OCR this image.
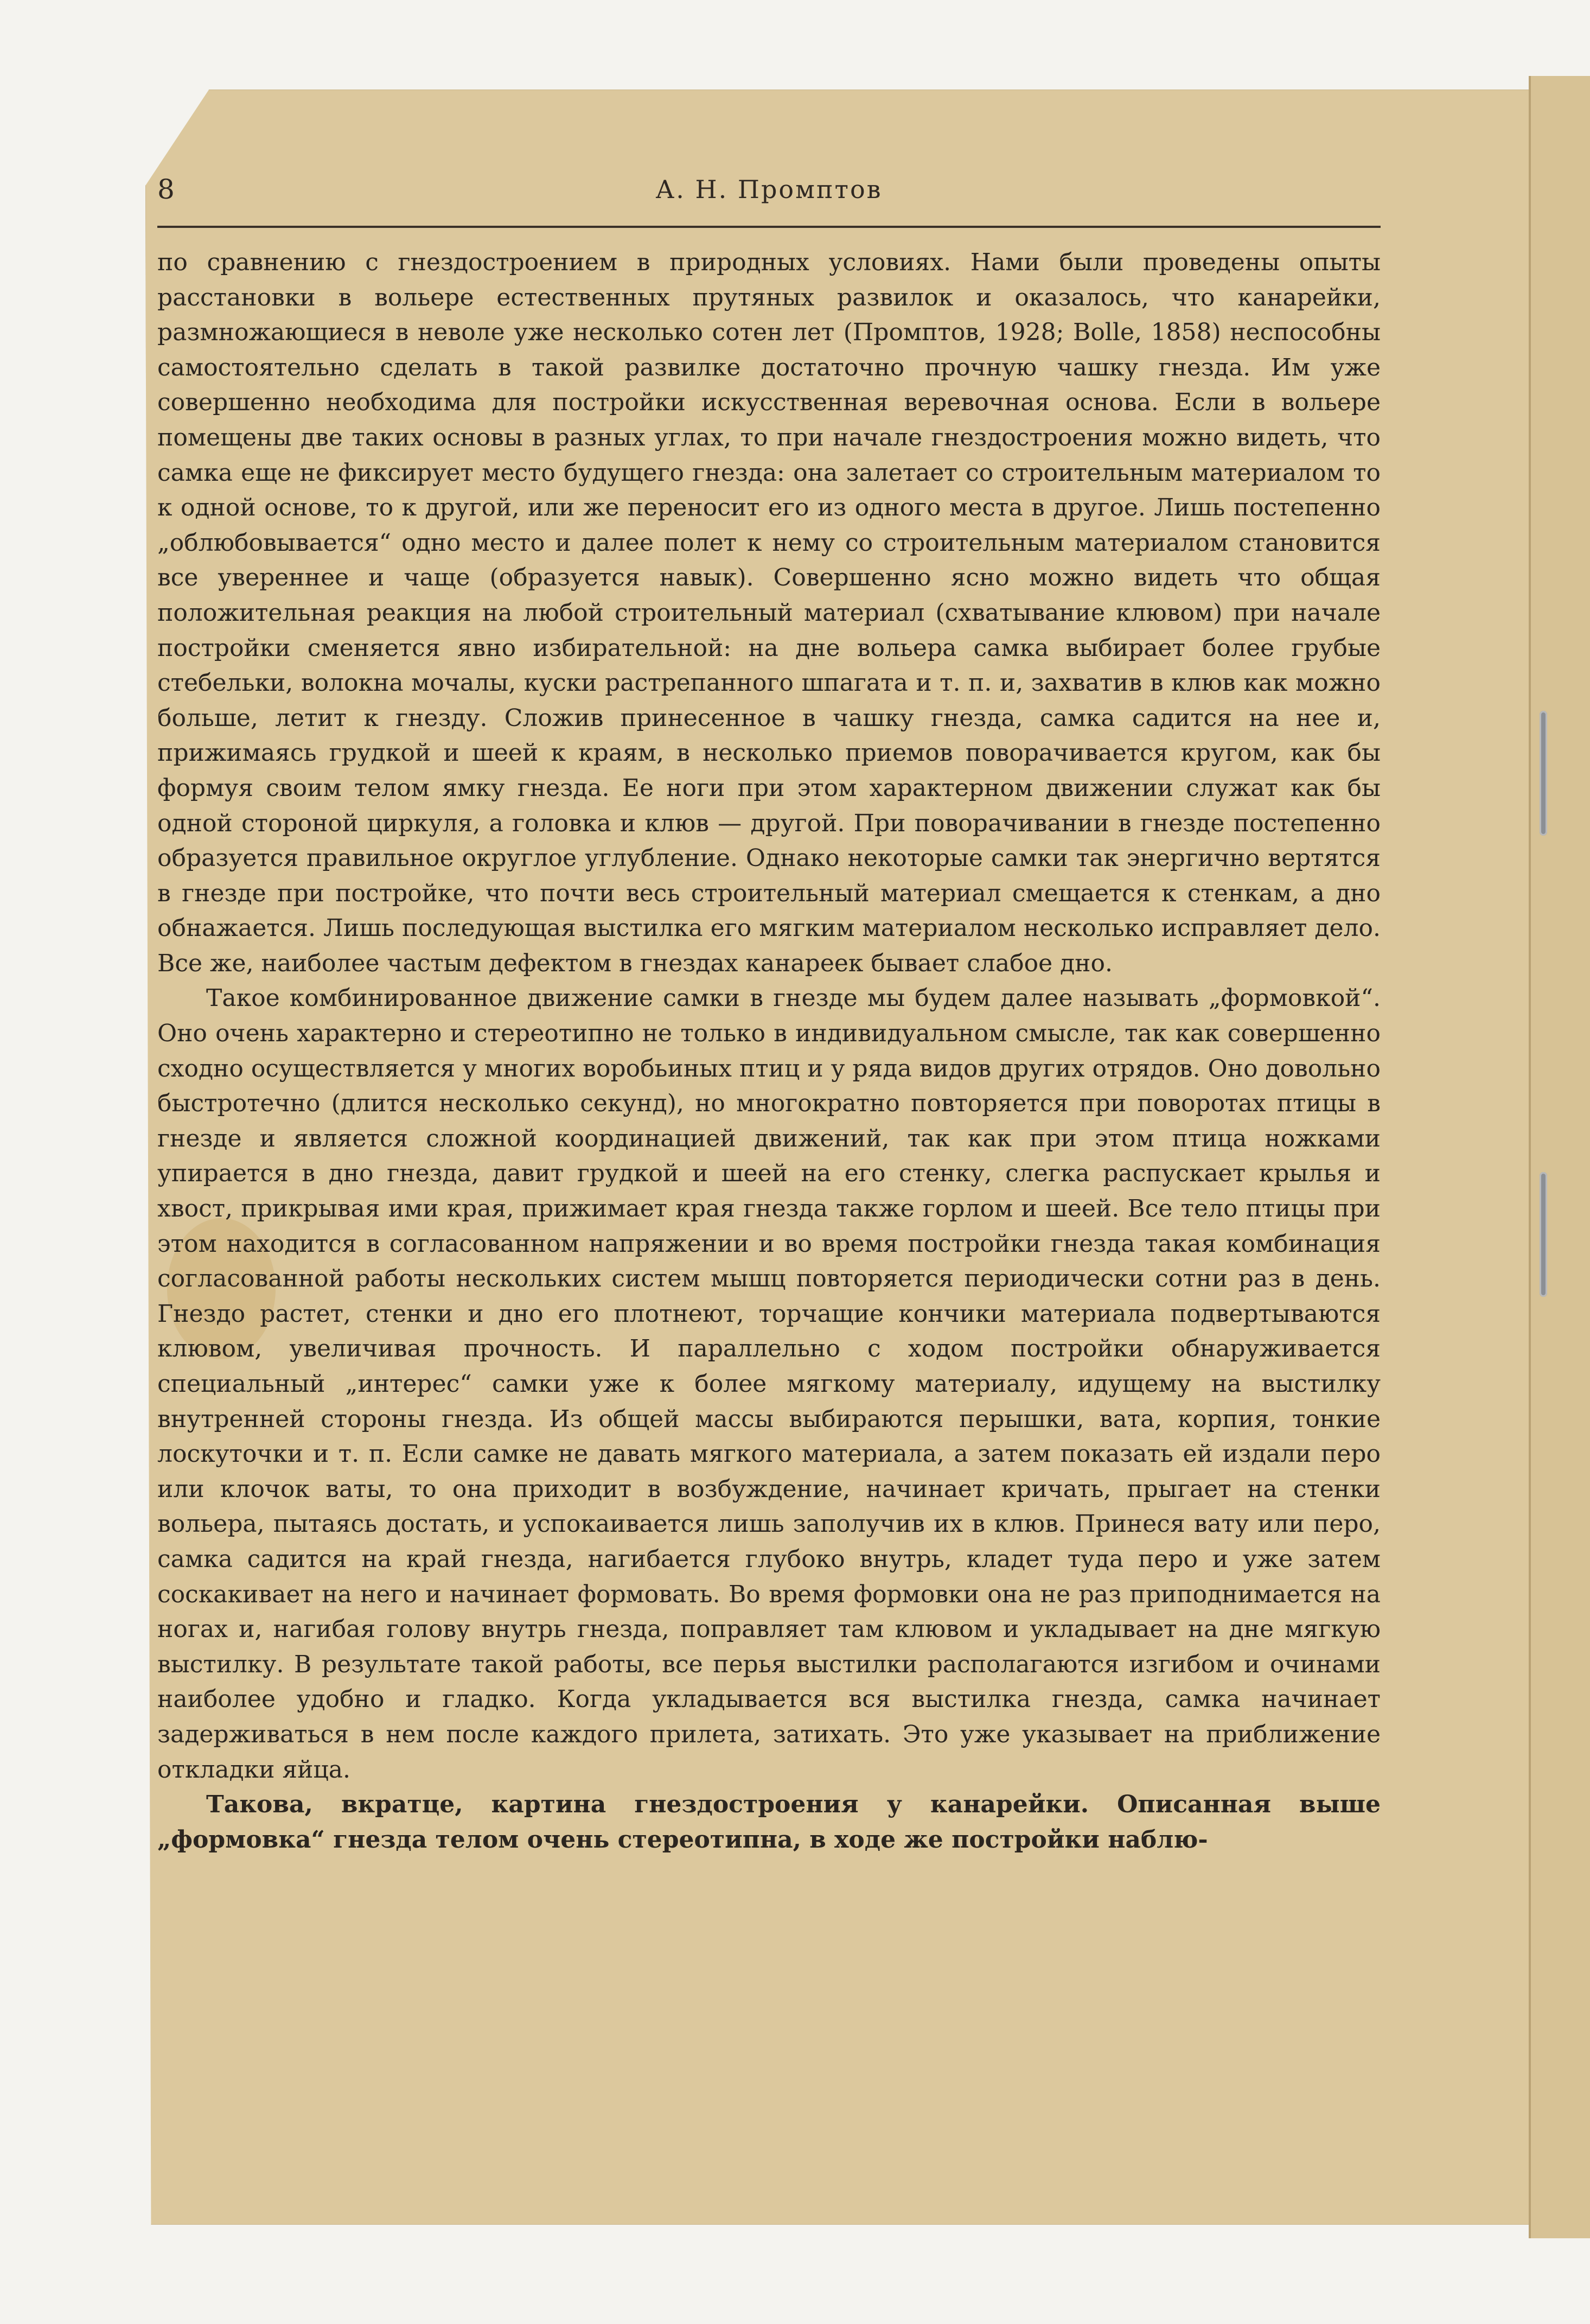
8	А. Н. Промптов

по сравнению с гнездостроением в природных условиях. Нами были проведены опыты расстановки в вольере естественных прутяных развилок и оказалось, что канарейки, размножающиеся в неволе уже несколько сотен лет (Промптов, 1928; Bolle, 1858) неспособны самостоятельно сделать в такой развилке достаточно прочную чашку гнезда. Им уже совершенно необходима для постройки искусственная веревочная основа. Если в вольере помещены две таких основы в разных углах, то при начале гнездостроения можно видеть, что самка еще не фиксирует место будущего гнезда: она залетает со строительным материалом то к одной основе, то к другой, или же переносит его из одного места в другое. Лишь постепенно „облюбовывается“ одно место и далее полет к нему со строительным материалом становится все увереннее и чаще (образуется навык). Совершенно ясно можно видеть что общая положительная реакция на любой строительный материал (схватывание клювом) при начале постройки сменяется явно избирательной: на дне вольера самка выбирает более грубые стебельки, волокна мочалы, куски растрепанного шпагата и т. п. и, захватив в клюв как можно больше, летит к гнезду. Сложив принесенное в чашку гнезда, самка садится на нее и, прижимаясь грудкой и шеей к краям, в несколько приемов поворачивается кругом, как бы формуя своим телом ямку гнезда. Ее ноги при этом характерном движении служат как бы одной стороной циркуля, а головка и клюв — другой. При поворачивании в гнезде постепенно образуется правильное округлое углубление. Однако некоторые самки так энергично вертятся в гнезде при постройке, что почти весь строительный материал смещается к стенкам, а дно обнажается. Лишь последующая выстилка его мягким материалом несколько исправляет дело. Все же, наиболее частым дефектом в гнездах канареек бывает слабое дно.

Такое комбинированное движение самки в гнезде мы будем далее называть „формовкой“. Оно очень характерно и стереотипно не только в индивидуальном смысле, так как совершенно сходно осуществляется у многих воробьиных птиц и у ряда видов других отрядов. Оно довольно быстротечно (длится несколько секунд), но многократно повторяется при поворотах птицы в гнезде и является сложной координацией движений, так как при этом птица ножками упирается в дно гнезда, давит грудкой и шеей на его стенку, слегка распускает крылья и хвост, прикрывая ими края, прижимает края гнезда также горлом и шеей. Все тело птицы при этом находится в согласованном напряжении и во время постройки гнезда такая комбинация согласованной работы нескольких систем мышц повторяется периодически сотни раз в день. Гнездо растет, стенки и дно его плотнеют, торчащие кончики материала подвертываются клювом, увеличивая прочность. И параллельно с ходом постройки обнаруживается специальный „интерес“ самки уже к более мягкому материалу, идущему на выстилку внутренней стороны гнезда. Из общей массы выбираются перышки, вата, корпия, тонкие лоскуточки и т. п. Если самке не давать мягкого материала, а затем показать ей издали перо или клочок ваты, то она приходит в возбуждение, начинает кричать, прыгает на стенки вольера, пытаясь достать, и успокаивается лишь заполучив их в клюв. Принеся вату или перо, самка садится на край гнезда, нагибается глубоко внутрь, кладет туда перо и уже затем соскакивает на него и начинает формовать. Во время формовки она не раз приподнимается на ногах и, нагибая голову внутрь гнезда, поправляет там клювом и укладывает на дне мягкую выстилку. В результате такой работы, все перья выстилки располагаются изгибом и очинами наиболее удобно и гладко. Когда укладывается вся выстилка гнезда, самка начинает задерживаться в нем после каждого прилета, затихать. Это уже указывает на приближение откладки яйца.

Такова, вкратце, картина гнездостроения у канарейки. Описанная выше „формовка“ гнезда телом очень стереотипна, в ходе же постройки наблю-
